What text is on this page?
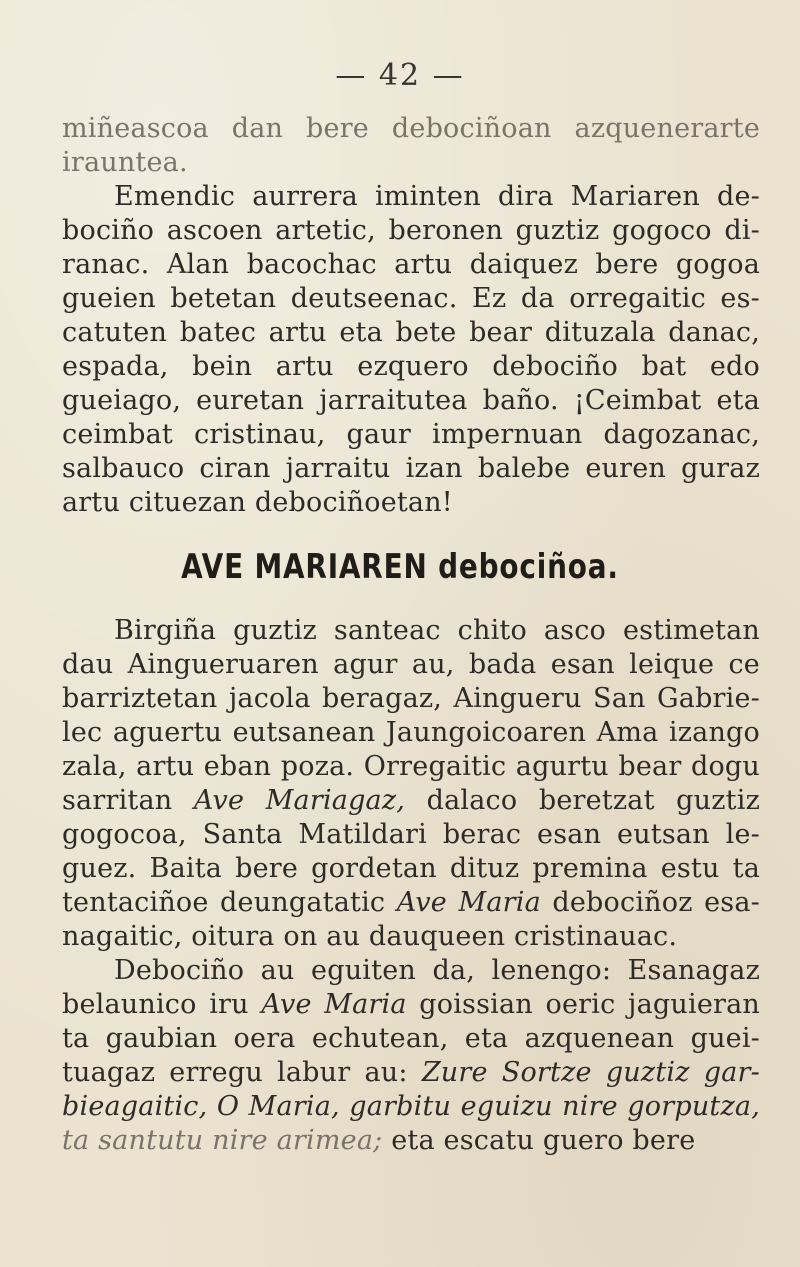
— 42 —
miñeascoa dan bere debociñoan azquenerarte
irauntea.
Emendic aurrera iminten dira Mariaren de-
bociño ascoen artetic, beronen guztiz gogoco di-
ranac. Alan bacochac artu daiquez bere gogoa
gueien betetan deutseenac. Ez da orregaitic es-
catuten batec artu eta bete bear dituzala danac,
espada, bein artu ezquero debociño bat edo
gueiago, euretan jarraitutea baño. ¡Ceimbat eta
ceimbat cristinau, gaur impernuan dagozanac,
salbauco ciran jarraitu izan balebe euren guraz
artu cituezan debociñoetan!
AVE MARIAREN debociñoa.
Birgiña guztiz santeac chito asco estimetan
dau Ainguеruaren agur au, bada esan leique ce
barriztetan jacola beragaz, Aingueru San Gabrie-
lec aguertu eutsanean Jaungoicoaren Ama izango
zala, artu eban poza. Orregaitic agurtu bear dogu
sarritan Ave Mariagaz, dalaco beretzat guztiz
gogocoa, Santa Matildari berac esan eutsan le-
guez. Baita bere gordetan dituz premina estu ta
tentaciñoe deungatatic Ave Maria debociñoz esa-
nagaitic, oitura on au dauqueen cristinauac.
Debociño au eguiten da, lenengo: Esanagaz
belaunico iru Ave Maria goissian oeric jaguieran
ta gaubian oera echutean, eta azquenean guei-
tuagaz erregu labur au: Zure Sortze guztiz gar-
bieagaitic, O Maria, garbitu eguizu nire gorputza,
ta santutu nire arimea; eta escatu guero bere
